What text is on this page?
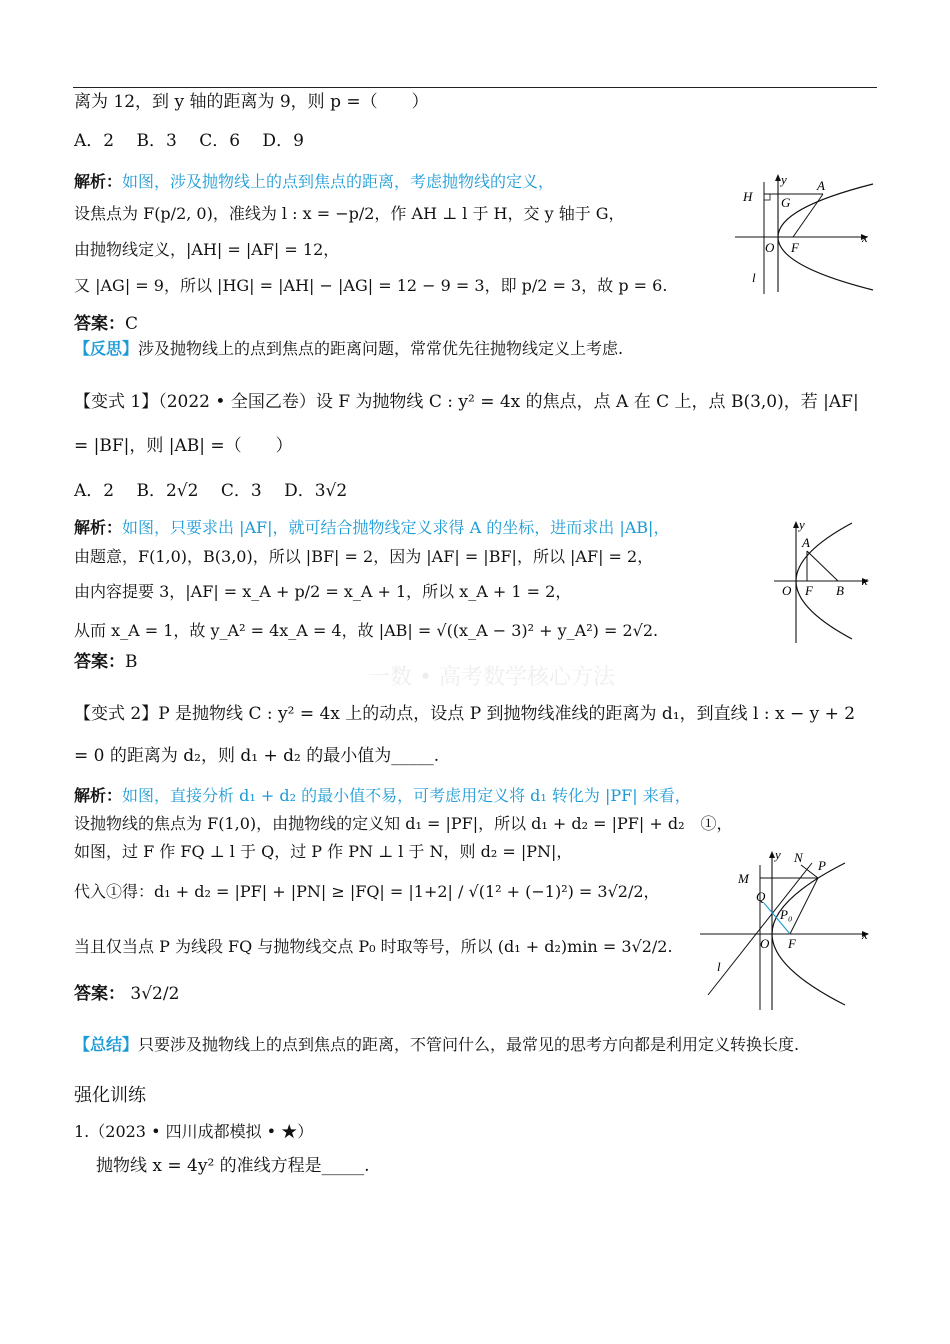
离为 12，到 y 轴的距离为 9，则 p =（　　）
A．2　 B．3　 C．6　 D．9
解析：如图，涉及抛物线上的点到焦点的距离，考虑抛物线的定义，
设焦点为 F(p/2, 0)，准线为 l : x = −p/2，作 AH ⊥ l 于 H，交 y 轴于 G，
由抛物线定义，|AH| = |AF| = 12，
又 |AG| = 9，所以 |HG| = |AH| − |AG| = 12 − 9 = 3，即 p/2 = 3，故 p = 6.
答案：C
【反思】涉及抛物线上的点到焦点的距离问题，常常优先往抛物线定义上考虑.
y
x
O F
H G
A
l
【变式 1】（2022 • 全国乙卷）设 F 为抛物线 C : y² = 4x 的焦点，点 A 在 C 上，点 B(3,0)，若 |AF|
= |BF|，则 |AB| =（　　）
A．2　 B．2√2　 C．3　 D．3√2
解析：如图，只要求出 |AF|，就可结合抛物线定义求得 A 的坐标，进而求出 |AB|，
由题意，F(1,0)，B(3,0)，所以 |BF| = 2，因为 |AF| = |BF|，所以 |AF| = 2，
由内容提要 3，|AF| = x_A + p/2 = x_A + 1，所以 x_A + 1 = 2，
从而 x_A = 1，故 y_A² = 4x_A = 4，故 |AB| = √((x_A − 3)² + y_A²) = 2√2.
答案：B
y
x
O F
A
B
一数 • 高考数学核心方法
【变式 2】P 是抛物线 C : y² = 4x 上的动点，设点 P 到抛物线准线的距离为 d₁，到直线 l : x − y + 2
= 0 的距离为 d₂，则 d₁ + d₂ 的最小值为_____.
解析：如图，直接分析 d₁ + d₂ 的最小值不易，可考虑用定义将 d₁ 转化为 |PF| 来看，
设抛物线的焦点为 F(1,0)，由抛物线的定义知 d₁ = |PF|，所以 d₁ + d₂ = |PF| + d₂　①，
如图，过 F 作 FQ ⊥ l 于 Q，过 P 作 PN ⊥ l 于 N，则 d₂ = |PN|，
代入①得：d₁ + d₂ = |PF| + |PN| ≥ |FQ| = |1+2| / √(1² + (−1)²) = 3√2/2，
当且仅当点 P 为线段 FQ 与抛物线交点 P₀ 时取等号，所以 (d₁ + d₂)min = 3√2/2.
答案： 3√2/2
【总结】只要涉及抛物线上的点到焦点的距离，不管问什么，最常见的思考方向都是利用定义转换长度.
y
x
O F
M
Q
N
P
P₀
l
强化训练
1.（2023 • 四川成都模拟 • ★）
抛物线 x = 4y² 的准线方程是_____.
